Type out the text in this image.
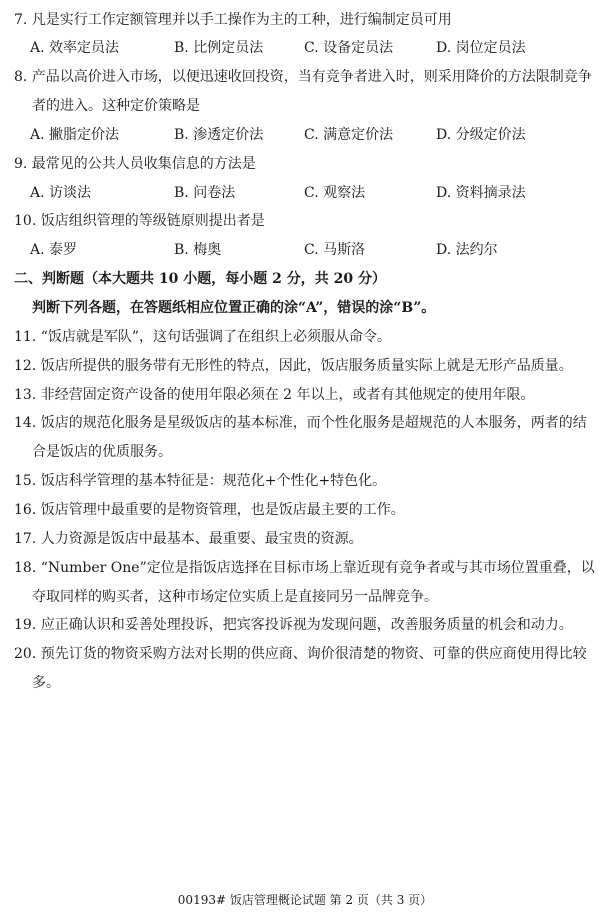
7. 凡是实行工作定额管理并以手工操作为主的工种，进行编制定员可用
A. 效率定员法	B. 比例定员法	C. 设备定员法	D. 岗位定员法
8. 产品以高价进入市场，以便迅速收回投资，当有竞争者进入时，则采用降价的方法限制竞争
者的进入。这种定价策略是
A. 撇脂定价法	B. 渗透定价法	C. 满意定价法	D. 分级定价法
9. 最常见的公共人员收集信息的方法是
A. 访谈法	B. 问卷法	C. 观察法	D. 资料摘录法
10. 饭店组织管理的等级链原则提出者是
A. 泰罗	B. 梅奥	C. 马斯洛	D. 法约尔
二、判断题（本大题共 10 小题，每小题 2 分，共 20 分）
判断下列各题，在答题纸相应位置正确的涂“A”，错误的涂“B”。
11. “饭店就是军队”，这句话强调了在组织上必须服从命令。
12. 饭店所提供的服务带有无形性的特点，因此，饭店服务质量实际上就是无形产品质量。
13. 非经营固定资产设备的使用年限必须在 2 年以上，或者有其他规定的使用年限。
14. 饭店的规范化服务是星级饭店的基本标准，而个性化服务是超规范的人本服务，两者的结
合是饭店的优质服务。
15. 饭店科学管理的基本特征是：规范化+个性化+特色化。
16. 饭店管理中最重要的是物资管理，也是饭店最主要的工作。
17. 人力资源是饭店中最基本、最重要、最宝贵的资源。
18. “Number One”定位是指饭店选择在目标市场上靠近现有竞争者或与其市场位置重叠，以
夺取同样的购买者，这种市场定位实质上是直接同另一品牌竞争。
19. 应正确认识和妥善处理投诉，把宾客投诉视为发现问题，改善服务质量的机会和动力。
20. 预先订货的物资采购方法对长期的供应商、询价很清楚的物资、可靠的供应商使用得比较
多。
00193# 饭店管理概论试题 第 2 页（共 3 页）
